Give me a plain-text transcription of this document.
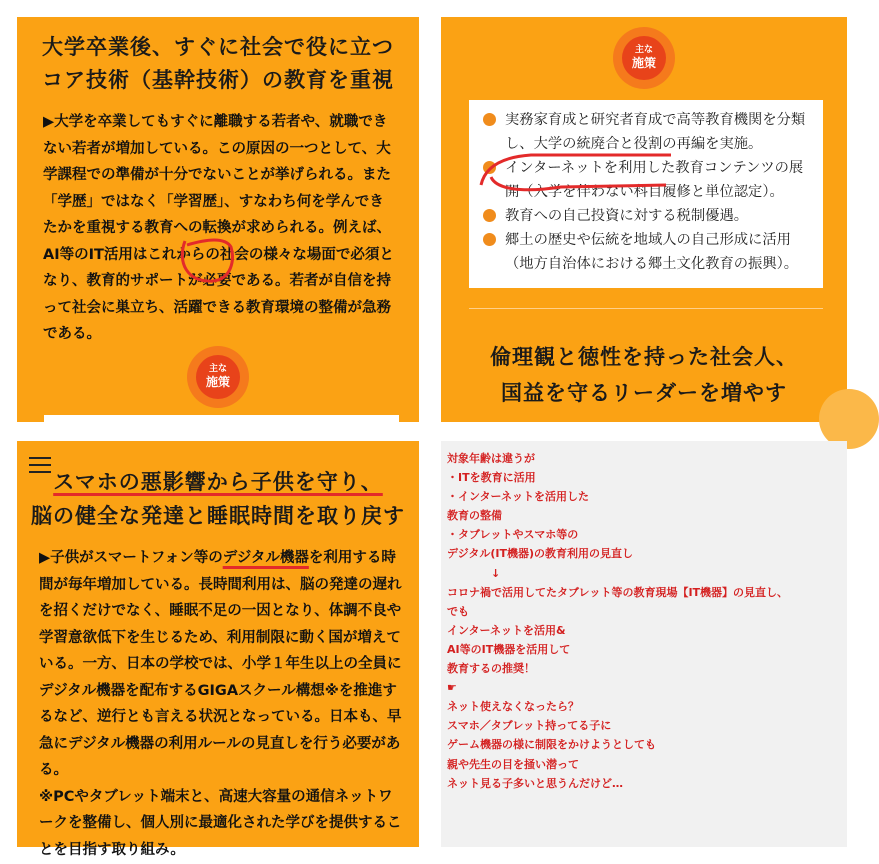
大学卒業後、すぐに社会で役に立つ
コア技術（基幹技術）の教育を重視

▶大学を卒業してもすぐに離職する若者や、就職できない若者が増加している。この原因の一つとして、大学課程での準備が十分でないことが挙げられる。また「学歴」ではなく「学習歴」、すなわち何を学んできたかを重視する教育への転換が求められる。例えば、AI等のIT活用はこれからの社会の様々な場面で必須となり、教育的サポートが必要である。若者が自信を持って社会に巣立ち、活躍できる教育環境の整備が急務である。

主な
施策
主な
施策
実務家育成と研究者育成で高等教育機関を分類し、大学の統廃合と役割の再編を実施。
インターネットを利用した教育コンテンツの展開（入学を伴わない科目履修と単位認定）。
教育への自己投資に対する税制優遇。
郷土の歴史や伝統を地域人の自己形成に活用（地方自治体における郷土文化教育の振興）。
倫理観と徳性を持った社会人、
国益を守るリーダーを増やす
スマホの悪影響から子供を守り、
脳の健全な発達と睡眠時間を取り戻す

▶子供がスマートフォン等のデジタル機器を利用する時間が毎年増加している。長時間利用は、脳の発達の遅れを招くだけでなく、睡眠不足の一因となり、体調不良や学習意欲低下を生じるため、利用制限に動く国が増えている。一方、日本の学校では、小学１年生以上の全員にデジタル機器を配布するGIGAスクール構想※を推進するなど、逆行とも言える状況となっている。日本も、早急にデジタル機器の利用ルールの見直しを行う必要がある。
※PCやタブレット端末と、高速大容量の通信ネットワークを整備し、個人別に最適化された学びを提供することを目指す取り組み。

対象年齢は違うが
・ITを教育に活用
・インターネットを活用した
教育の整備
・タブレットやスマホ等の
デジタル(IT機器)の教育利用の見直し
　　　　↓
コロナ禍で活用してたタブレット等の教育現場【IT機器】の見直し、
でも
インターネットを活用&
AI等のIT機器を活用して
教育するの推奨！
☛
ネット使えなくなったら？
スマホ／タブレット持ってる子に
ゲーム機器の様に制限をかけようとしても
親や先生の目を掻い潜って
ネット見る子多いと思うんだけど…
